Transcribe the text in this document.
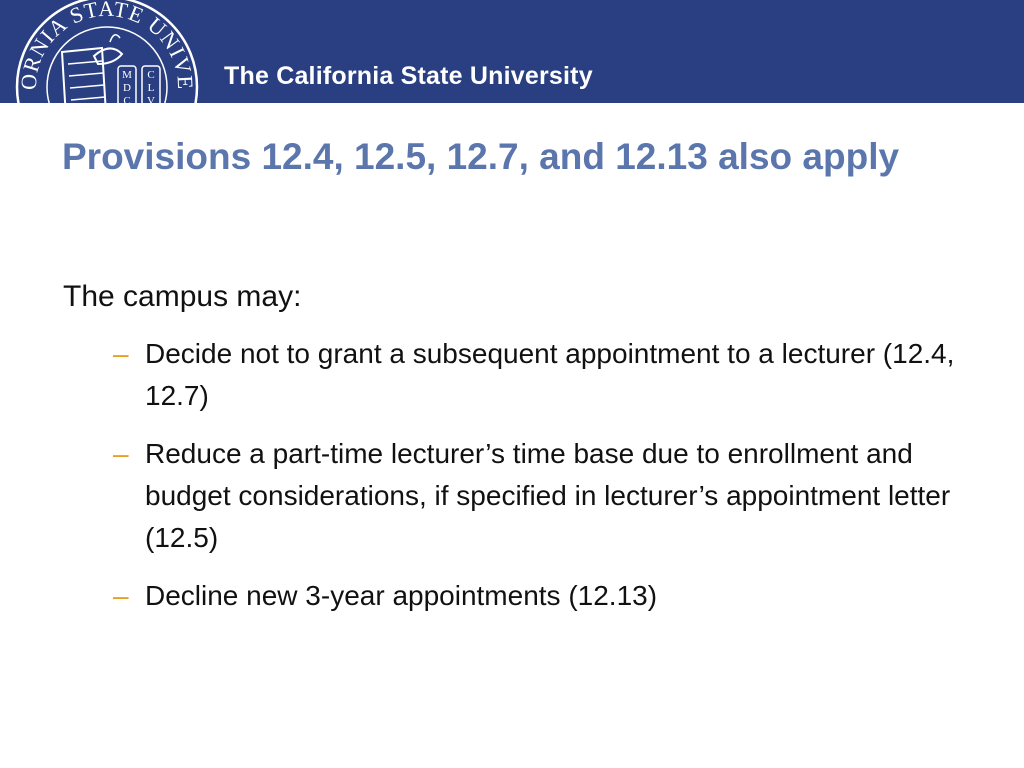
ORNIA STATE UNIVE
M
D
C
C
L
V
The California State University
Provisions 12.4, 12.5, 12.7, and 12.13 also apply

The campus may:

– Decide not to grant a subsequent appointment to a lecturer (12.4, 12.7)
– Reduce a part-time lecturer’s time base due to enrollment and budget considerations, if specified in lecturer’s appointment letter (12.5)
– Decline new 3-year appointments (12.13)
